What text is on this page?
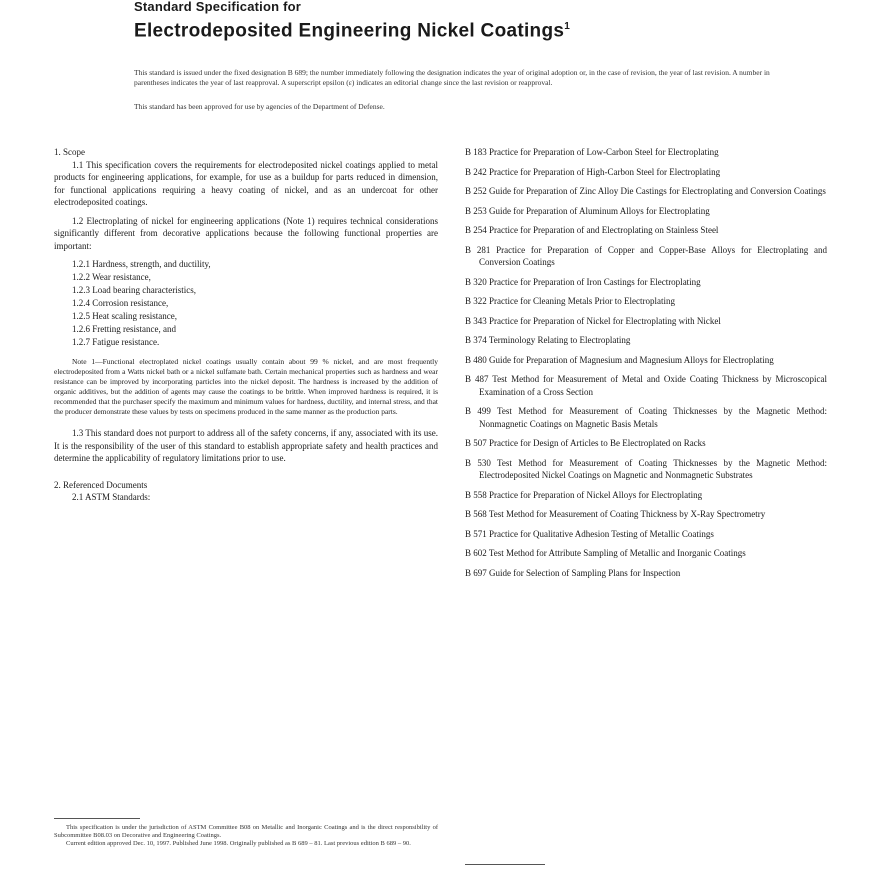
Standard Specification for

Electrodeposited Engineering Nickel Coatings$^1$

This standard is issued under the fixed designation B 689; the number immediately following the designation indicates the year of original adoption or, in the case of revision, the year of last revision. A number in parentheses indicates the year of last reapproval. A superscript epsilon (ε) indicates an editorial change since the last revision or reapproval.

This standard has been approved for use by agencies of the Department of Defense.

1. Scope

1.1 This specification covers the requirements for electrodeposited nickel coatings applied to metal products for engineering applications, for example, for use as a buildup for parts reduced in dimension, for functional applications requiring a heavy coating of nickel, and as an undercoat for other electrodeposited coatings.

1.2 Electroplating of nickel for engineering applications (Note 1) requires technical considerations significantly different from decorative applications because the following functional properties are important:

1.2.1 Hardness, strength, and ductility,
1.2.2 Wear resistance,
1.2.3 Load bearing characteristics,
1.2.4 Corrosion resistance,
1.2.5 Heat scaling resistance,
1.2.6 Fretting resistance, and
1.2.7 Fatigue resistance.

Note 1—Functional electroplated nickel coatings usually contain about 99 % nickel, and are most frequently electrodeposited from a Watts nickel bath or a nickel sulfamate bath. Certain mechanical properties such as hardness and wear resistance can be improved by incorporating particles into the nickel deposit. The hardness is increased by the addition of organic additives, but the addition of agents may cause the coatings to be brittle. When improved hardness is required, it is recommended that the purchaser specify the maximum and minimum values for hardness, ductility, and internal stress, and that the producer demonstrate these values by tests on specimens produced in the same manner as the production parts.

1.3 This standard does not purport to address all of the safety concerns, if any, associated with its use. It is the responsibility of the user of this standard to establish appropriate safety and health practices and determine the applicability of regulatory limitations prior to use.

2. Referenced Documents

2.1 ASTM Standards:

B 183 Practice for Preparation of Low-Carbon Steel for Electroplating
B 242 Practice for Preparation of High-Carbon Steel for Electroplating
B 252 Guide for Preparation of Zinc Alloy Die Castings for Electroplating and Conversion Coatings
B 253 Guide for Preparation of Aluminum Alloys for Electroplating
B 254 Practice for Preparation of and Electroplating on Stainless Steel
B 281 Practice for Preparation of Copper and Copper-Base Alloys for Electroplating and Conversion Coatings
B 320 Practice for Preparation of Iron Castings for Electroplating
B 322 Practice for Cleaning Metals Prior to Electroplating
B 343 Practice for Preparation of Nickel for Electroplating with Nickel
B 374 Terminology Relating to Electroplating
B 480 Guide for Preparation of Magnesium and Magnesium Alloys for Electroplating
B 487 Test Method for Measurement of Metal and Oxide Coating Thickness by Microscopical Examination of a Cross Section
B 499 Test Method for Measurement of Coating Thicknesses by the Magnetic Method: Nonmagnetic Coatings on Magnetic Basis Metals
B 507 Practice for Design of Articles to Be Electroplated on Racks
B 530 Test Method for Measurement of Coating Thicknesses by the Magnetic Method: Electrodeposited Nickel Coatings on Magnetic and Nonmagnetic Substrates
B 558 Practice for Preparation of Nickel Alloys for Electroplating
B 568 Test Method for Measurement of Coating Thickness by X-Ray Spectrometry
B 571 Practice for Qualitative Adhesion Testing of Metallic Coatings
B 602 Test Method for Attribute Sampling of Metallic and Inorganic Coatings
B 697 Guide for Selection of Sampling Plans for Inspection

This specification is under the jurisdiction of ASTM Committee B08 on Metallic and Inorganic Coatings and is the direct responsibility of Subcommittee B08.03 on Decorative and Engineering Coatings.

Current edition approved Dec. 10, 1997. Published June 1998. Originally published as B 689 – 81. Last previous edition B 689 – 90.
